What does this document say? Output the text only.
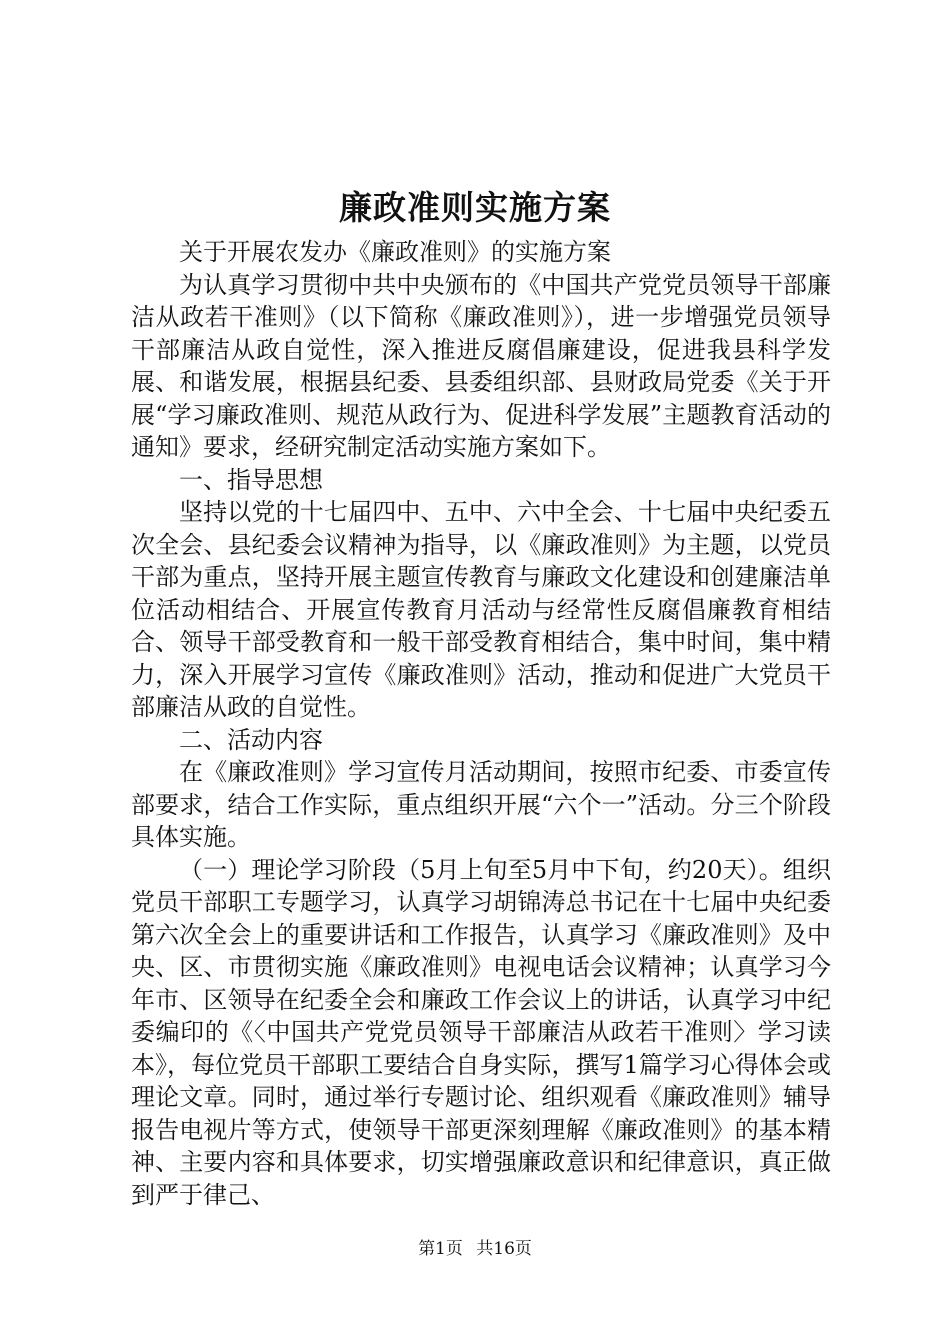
廉政准则实施方案

关于开展农发办《廉政准则》的实施方案

为认真学习贯彻中共中央颁布的《中国共产党党员领导干部廉洁从政若干准则》（以下简称《廉政准则》），进一步增强党员领导干部廉洁从政自觉性，深入推进反腐倡廉建设，促进我县科学发展、和谐发展，根据县纪委、县委组织部、县财政局党委《关于开展“学习廉政准则、规范从政行为、促进科学发展”主题教育活动的通知》要求，经研究制定活动实施方案如下。

一、指导思想

坚持以党的十七届四中、五中、六中全会、十七届中央纪委五次全会、县纪委会议精神为指导，以《廉政准则》为主题，以党员干部为重点，坚持开展主题宣传教育与廉政文化建设和创建廉洁单位活动相结合、开展宣传教育月活动与经常性反腐倡廉教育相结合、领导干部受教育和一般干部受教育相结合，集中时间，集中精力，深入开展学习宣传《廉政准则》活动，推动和促进广大党员干部廉洁从政的自觉性。

二、活动内容

在《廉政准则》学习宣传月活动期间，按照市纪委、市委宣传部要求，结合工作实际，重点组织开展“六个一”活动。分三个阶段具体实施。

（一）理论学习阶段（5月上旬至5月中下旬，约20天）。组织党员干部职工专题学习，认真学习胡锦涛总书记在十七届中央纪委第六次全会上的重要讲话和工作报告，认真学习《廉政准则》及中央、区、市贯彻实施《廉政准则》电视电话会议精神；认真学习今年市、区领导在纪委全会和廉政工作会议上的讲话，认真学习中纪委编印的《〈中国共产党党员领导干部廉洁从政若干准则〉学习读本》，每位党员干部职工要结合自身实际，撰写1篇学习心得体会或理论文章。同时，通过举行专题讨论、组织观看《廉政准则》辅导报告电视片等方式，使领导干部更深刻理解《廉政准则》的基本精神、主要内容和具体要求，切实增强廉政意识和纪律意识，真正做到严于律己、

第1页 共16页
